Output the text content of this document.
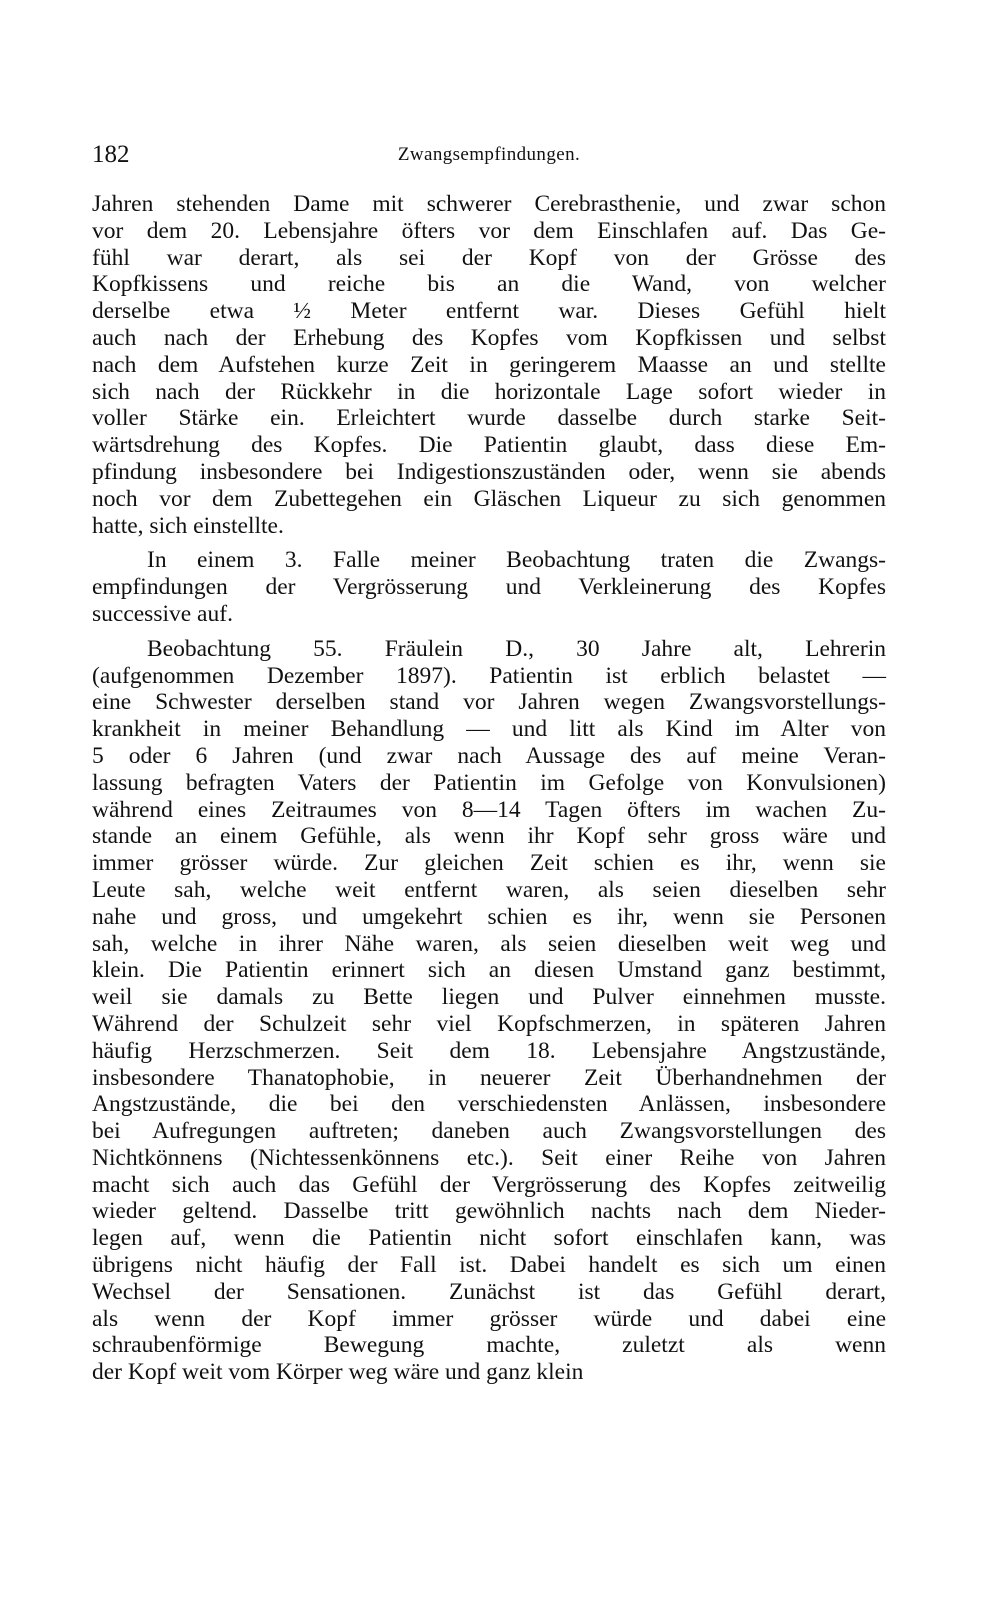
182	Zwangsempfindungen.
Jahren stehenden Dame mit schwerer Cerebrasthenie, und zwar schon
vor dem 20. Lebensjahre öfters vor dem Einschlafen auf. Das Ge-
fühl war derart, als sei der Kopf von der Grösse des
Kopfkissens und reiche bis an die Wand, von welcher
derselbe etwa ½ Meter entfernt war. Dieses Gefühl hielt
auch nach der Erhebung des Kopfes vom Kopfkissen und selbst
nach dem Aufstehen kurze Zeit in geringerem Maasse an und stellte
sich nach der Rückkehr in die horizontale Lage sofort wieder in
voller Stärke ein. Erleichtert wurde dasselbe durch starke Seit-
wärtsdrehung des Kopfes. Die Patientin glaubt, dass diese Em-
pfindung insbesondere bei Indigestionszuständen oder, wenn sie abends
noch vor dem Zubettegehen ein Gläschen Liqueur zu sich genommen
hatte, sich einstellte.
In einem 3. Falle meiner Beobachtung traten die Zwangs-
empfindungen der Vergrösserung und Verkleinerung des Kopfes
successive auf.
Beobachtung 55. Fräulein D., 30 Jahre alt, Lehrerin
(aufgenommen Dezember 1897). Patientin ist erblich belastet —
eine Schwester derselben stand vor Jahren wegen Zwangsvorstellungs-
krankheit in meiner Behandlung — und litt als Kind im Alter von
5 oder 6 Jahren (und zwar nach Aussage des auf meine Veran-
lassung befragten Vaters der Patientin im Gefolge von Konvulsionen)
während eines Zeitraumes von 8—14 Tagen öfters im wachen Zu-
stande an einem Gefühle, als wenn ihr Kopf sehr gross wäre und
immer grösser würde. Zur gleichen Zeit schien es ihr, wenn sie
Leute sah, welche weit entfernt waren, als seien dieselben sehr
nahe und gross, und umgekehrt schien es ihr, wenn sie Personen
sah, welche in ihrer Nähe waren, als seien dieselben weit weg und
klein. Die Patientin erinnert sich an diesen Umstand ganz bestimmt,
weil sie damals zu Bette liegen und Pulver einnehmen musste.
Während der Schulzeit sehr viel Kopfschmerzen, in späteren Jahren
häufig Herzschmerzen. Seit dem 18. Lebensjahre Angstzustände,
insbesondere Thanatophobie, in neuerer Zeit Überhandnehmen der
Angstzustände, die bei den verschiedensten Anlässen, insbesondere
bei Aufregungen auftreten; daneben auch Zwangsvorstellungen des
Nichtkönnens (Nichtessenkönnens etc.). Seit einer Reihe von Jahren
macht sich auch das Gefühl der Vergrösserung des Kopfes zeitweilig
wieder geltend. Dasselbe tritt gewöhnlich nachts nach dem Nieder-
legen auf, wenn die Patientin nicht sofort einschlafen kann, was
übrigens nicht häufig der Fall ist. Dabei handelt es sich um einen
Wechsel der Sensationen. Zunächst ist das Gefühl derart,
als wenn der Kopf immer grösser würde und dabei eine
schraubenförmige Bewegung machte, zuletzt als wenn
der Kopf weit vom Körper weg wäre und ganz klein
